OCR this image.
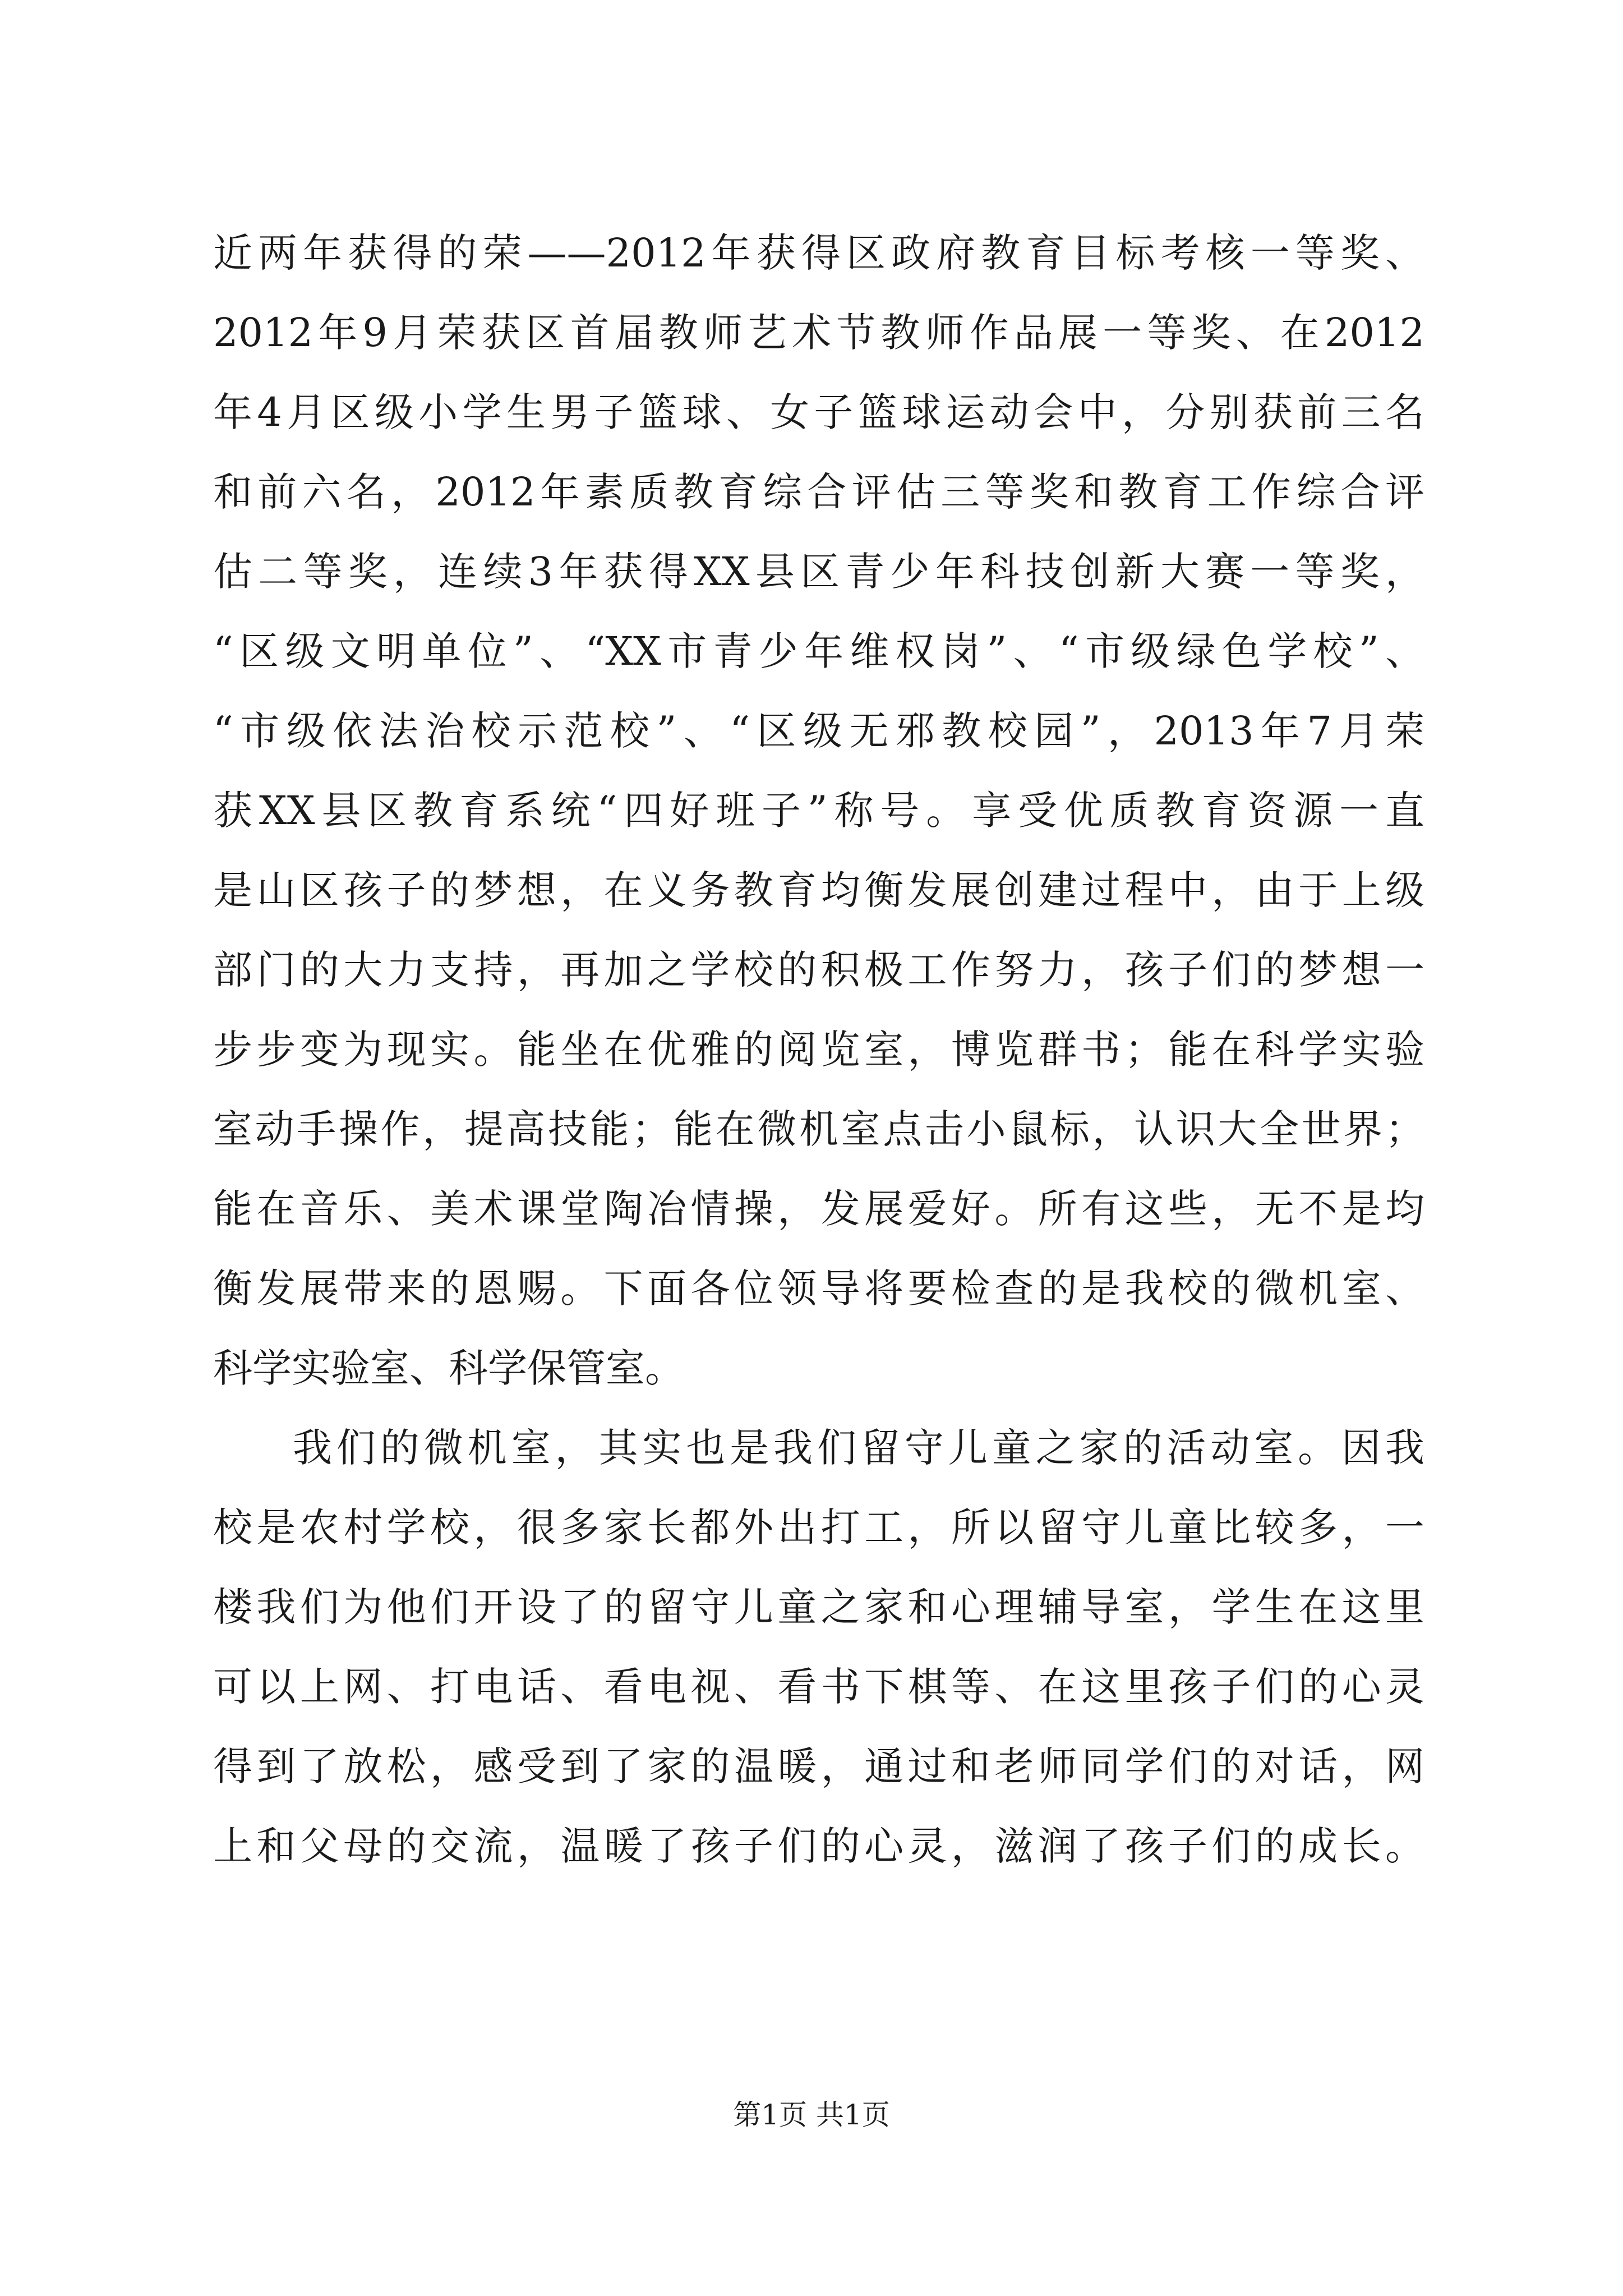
近两年获得的荣——2012年获得区政府教育目标考核一等奖、
2012年9月荣获区首届教师艺术节教师作品展一等奖、在2012
年4月区级小学生男子篮球、女子篮球运动会中，分别获前三名
和前六名，2012年素质教育综合评估三等奖和教育工作综合评
估二等奖，连续3年获得XX县区青少年科技创新大赛一等奖，
“区级文明单位”、“XX市青少年维权岗”、“市级绿色学校”、
“市级依法治校示范校”、“区级无邪教校园”，2013年7月荣
获XX县区教育系统“四好班子”称号。享受优质教育资源一直
是山区孩子的梦想，在义务教育均衡发展创建过程中，由于上级
部门的大力支持，再加之学校的积极工作努力，孩子们的梦想一
步步变为现实。能坐在优雅的阅览室，博览群书；能在科学实验
室动手操作，提高技能；能在微机室点击小鼠标，认识大全世界；
能在音乐、美术课堂陶冶情操，发展爱好。所有这些，无不是均
衡发展带来的恩赐。下面各位领导将要检查的是我校的微机室、
科学实验室、科学保管室。
我们的微机室，其实也是我们留守儿童之家的活动室。因我
校是农村学校，很多家长都外出打工，所以留守儿童比较多，一
楼我们为他们开设了的留守儿童之家和心理辅导室，学生在这里
可以上网、打电话、看电视、看书下棋等、在这里孩子们的心灵
得到了放松，感受到了家的温暖，通过和老师同学们的对话，网
上和父母的交流，温暖了孩子们的心灵，滋润了孩子们的成长。
第1页 共1页
